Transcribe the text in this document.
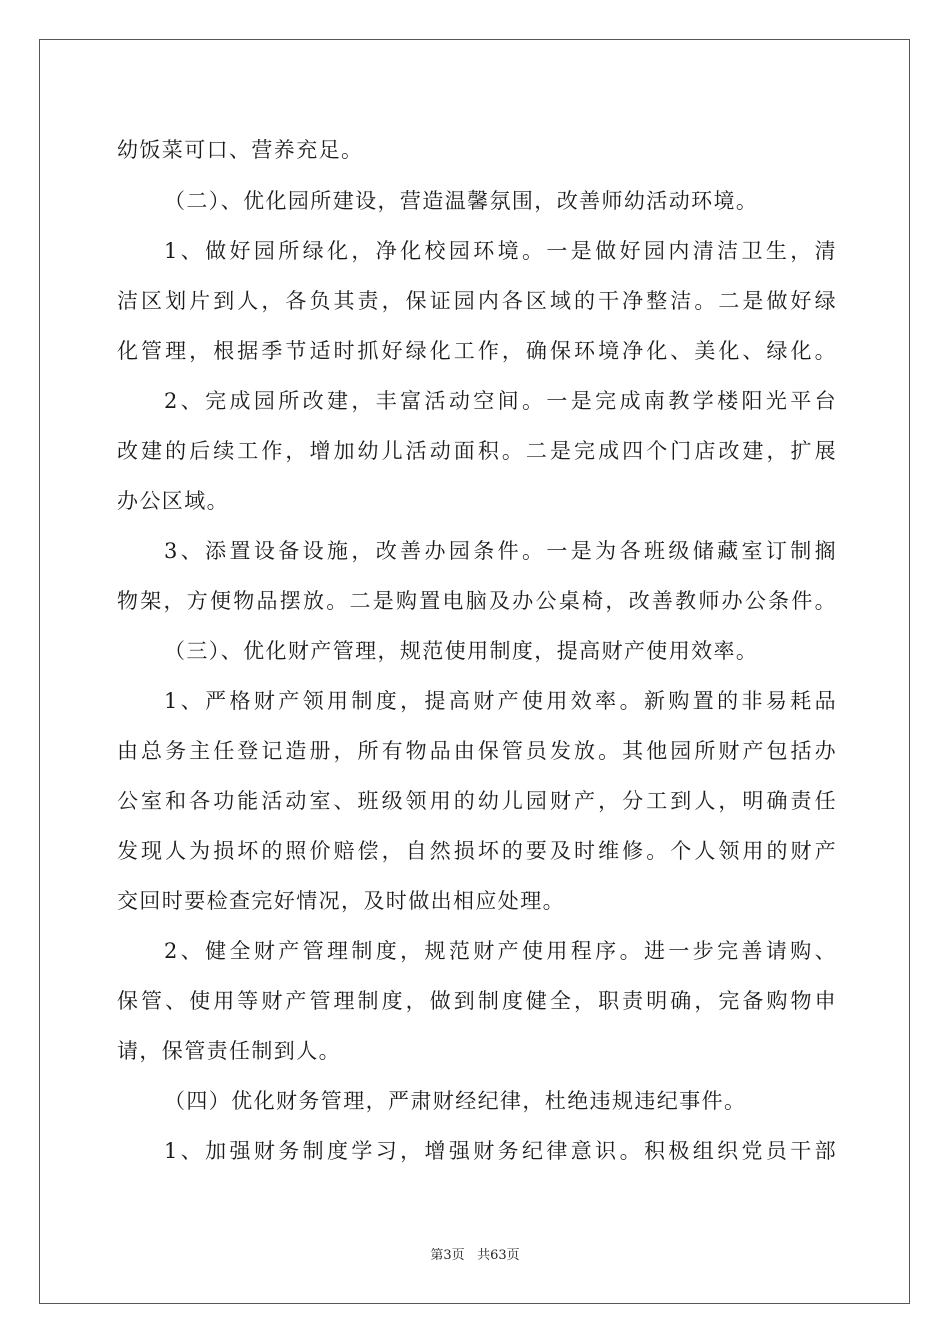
幼饭菜可口、营养充足。
（二）、优化园所建设，营造温馨氛围，改善师幼活动环境。
1、做好园所绿化，净化校园环境。一是做好园内清洁卫生，清
洁区划片到人，各负其责，保证园内各区域的干净整洁。二是做好绿
化管理，根据季节适时抓好绿化工作，确保环境净化、美化、绿化。
2、完成园所改建，丰富活动空间。一是完成南教学楼阳光平台
改建的后续工作，增加幼儿活动面积。二是完成四个门店改建，扩展
办公区域。
3、添置设备设施，改善办园条件。一是为各班级储藏室订制搁
物架，方便物品摆放。二是购置电脑及办公桌椅，改善教师办公条件。
（三）、优化财产管理，规范使用制度，提高财产使用效率。
1、严格财产领用制度，提高财产使用效率。新购置的非易耗品
由总务主任登记造册，所有物品由保管员发放。其他园所财产包括办
公室和各功能活动室、班级领用的幼儿园财产，分工到人，明确责任
发现人为损坏的照价赔偿，自然损坏的要及时维修。个人领用的财产
交回时要检查完好情况，及时做出相应处理。
2、健全财产管理制度，规范财产使用程序。进一步完善请购、
保管、使用等财产管理制度，做到制度健全，职责明确，完备购物申
请，保管责任制到人。
（四）优化财务管理，严肃财经纪律，杜绝违规违纪事件。
1、加强财务制度学习，增强财务纪律意识。积极组织党员干部
第3页 共63页
